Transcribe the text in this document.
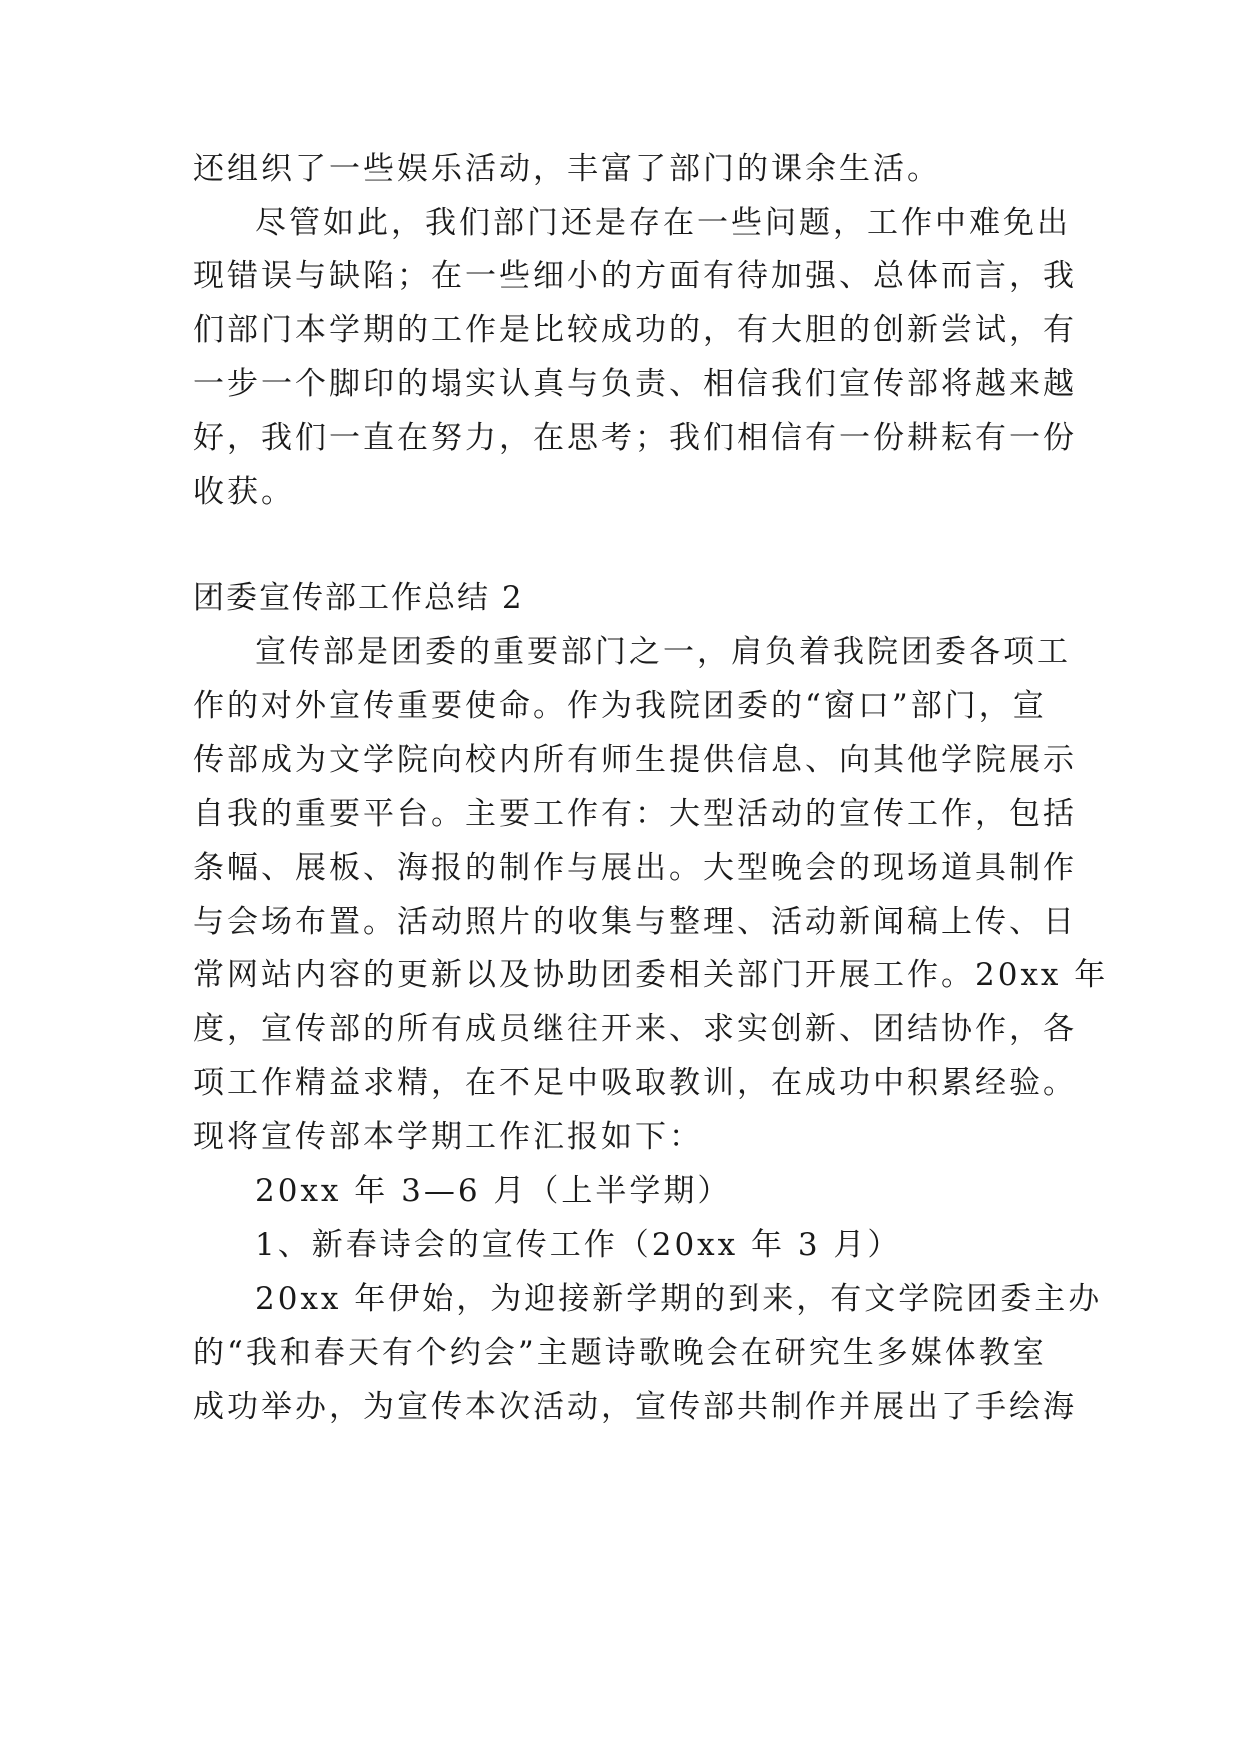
还组织了一些娱乐活动，丰富了部门的课余生活。
尽管如此，我们部门还是存在一些问题，工作中难免出
现错误与缺陷；在一些细小的方面有待加强、总体而言，我
们部门本学期的工作是比较成功的，有大胆的创新尝试，有
一步一个脚印的塌实认真与负责、相信我们宣传部将越来越
好，我们一直在努力，在思考；我们相信有一份耕耘有一份
收获。
团委宣传部工作总结 2
宣传部是团委的重要部门之一，肩负着我院团委各项工
作的对外宣传重要使命。作为我院团委的“窗口”部门，宣
传部成为文学院向校内所有师生提供信息、向其他学院展示
自我的重要平台。主要工作有：大型活动的宣传工作，包括
条幅、展板、海报的制作与展出。大型晚会的现场道具制作
与会场布置。活动照片的收集与整理、活动新闻稿上传、日
常网站内容的更新以及协助团委相关部门开展工作。20xx 年
度，宣传部的所有成员继往开来、求实创新、团结协作，各
项工作精益求精，在不足中吸取教训，在成功中积累经验。
现将宣传部本学期工作汇报如下：
20xx 年 3—6 月（上半学期）
1、新春诗会的宣传工作（20xx 年 3 月）
20xx 年伊始，为迎接新学期的到来，有文学院团委主办
的“我和春天有个约会”主题诗歌晚会在研究生多媒体教室
成功举办，为宣传本次活动，宣传部共制作并展出了手绘海
